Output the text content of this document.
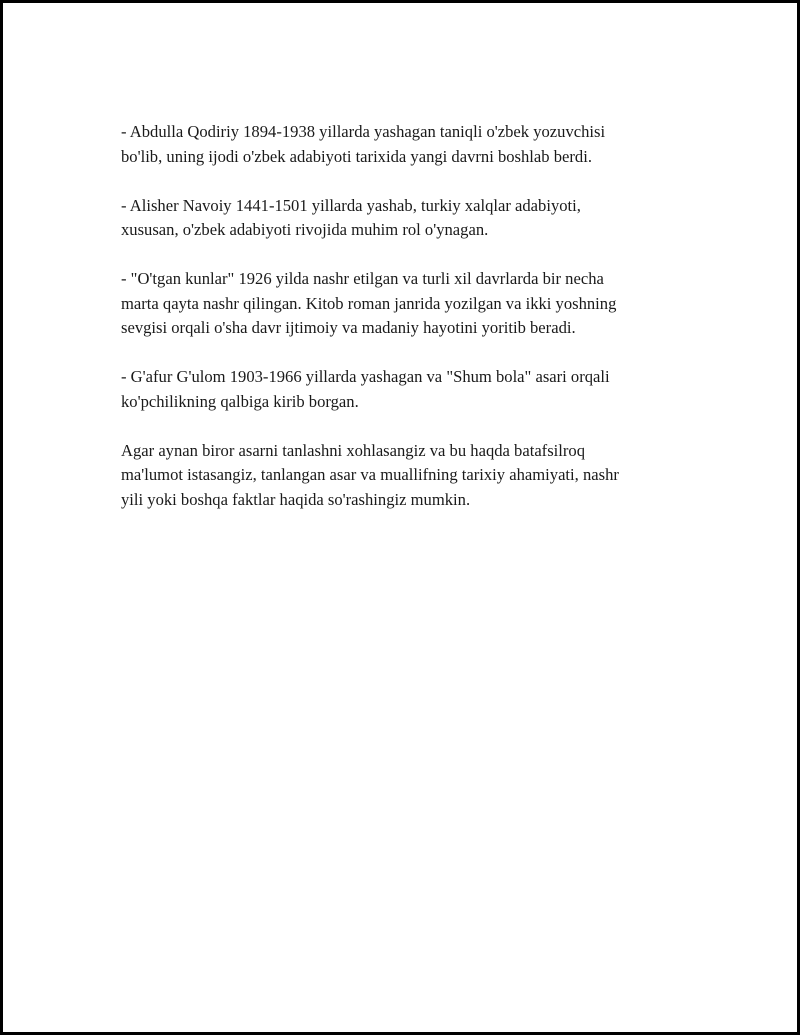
- Abdulla Qodiriy 1894-1938 yillarda yashagan taniqli o'zbek yozuvchisi
bo'lib, uning ijodi o'zbek adabiyoti tarixida yangi davrni boshlab berdi.

- Alisher Navoiy 1441-1501 yillarda yashab, turkiy xalqlar adabiyoti,
xususan, o'zbek adabiyoti rivojida muhim rol o'ynagan.

- "O'tgan kunlar" 1926 yilda nashr etilgan va turli xil davrlarda bir necha
marta qayta nashr qilingan. Kitob roman janrida yozilgan va ikki yoshning
sevgisi orqali o'sha davr ijtimoiy va madaniy hayotini yoritib beradi.

- G'afur G'ulom 1903-1966 yillarda yashagan va "Shum bola" asari orqali
ko'pchilikning qalbiga kirib borgan.

Agar aynan biror asarni tanlashni xohlasangiz va bu haqda batafsilroq
ma'lumot istasangiz, tanlangan asar va muallifning tarixiy ahamiyati, nashr
yili yoki boshqa faktlar haqida so'rashingiz mumkin.
